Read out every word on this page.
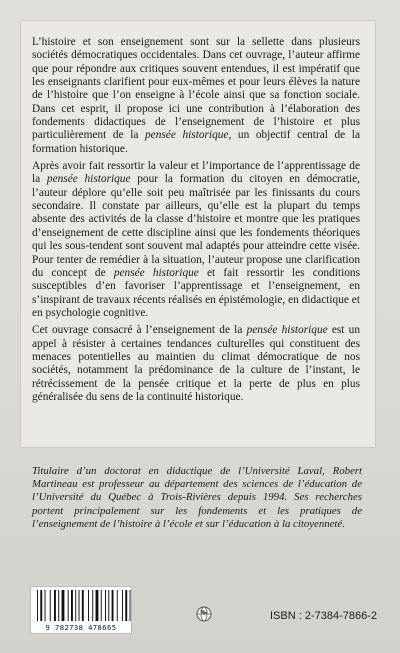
L’histoire et son enseignement sont sur la sellette dans plusieurs sociétés démocratiques occidentales. Dans cet ouvrage, l’auteur affirme que pour répondre aux critiques souvent entendues, il est impératif que les enseignants clarifient pour eux-mêmes et pour leurs élèves la nature de l’histoire que l’on enseigne à l’école ainsi que sa fonction sociale. Dans cet esprit, il propose ici une contribution à l’élaboration des fondements didactiques de l’enseignement de l’histoire et plus particulièrement de la pensée historique, un objectif central de la formation historique.

Après avoir fait ressortir la valeur et l’importance de l’apprentissage de la pensée historique pour la formation du citoyen en démocratie, l’auteur déplore qu’elle soit peu maîtrisée par les finissants du cours secondaire. Il constate par ailleurs, qu’elle est la plupart du temps absente des activités de la classe d’histoire et montre que les pratiques d’enseignement de cette discipline ainsi que les fondements théoriques qui les sous-tendent sont souvent mal adaptés pour atteindre cette visée. Pour tenter de remédier à la situation, l’auteur propose une clarification du concept de pensée historique et fait ressortir les conditions susceptibles d’en favoriser l’apprentissage et l’enseignement, en s’inspirant de travaux récents réalisés en épistémologie, en didactique et en psychologie cognitive.

Cet ouvrage consacré à l’enseignement de la pensée historique est un appel à résister à certaines tendances culturelles qui constituent des menaces potentielles au maintien du climat démocratique de nos sociétés, notamment la prédominance de la culture de l’instant, le rétrécissement de la pensée critique et la perte de plus en plus généralisée du sens de la continuité historique.

Titulaire d’un doctorat en didactique de l’Université Laval, Robert Martineau est professeur au département des sciences de l’éducation de l’Université du Québec à Trois-Rivières depuis 1994. Ses recherches portent principalement sur les fondements et les pratiques de l’enseignement de l’histoire à l’école et sur l’éducation à la citoyenneté.

9 782738 478665
ISBN : 2-7384-7866-2
